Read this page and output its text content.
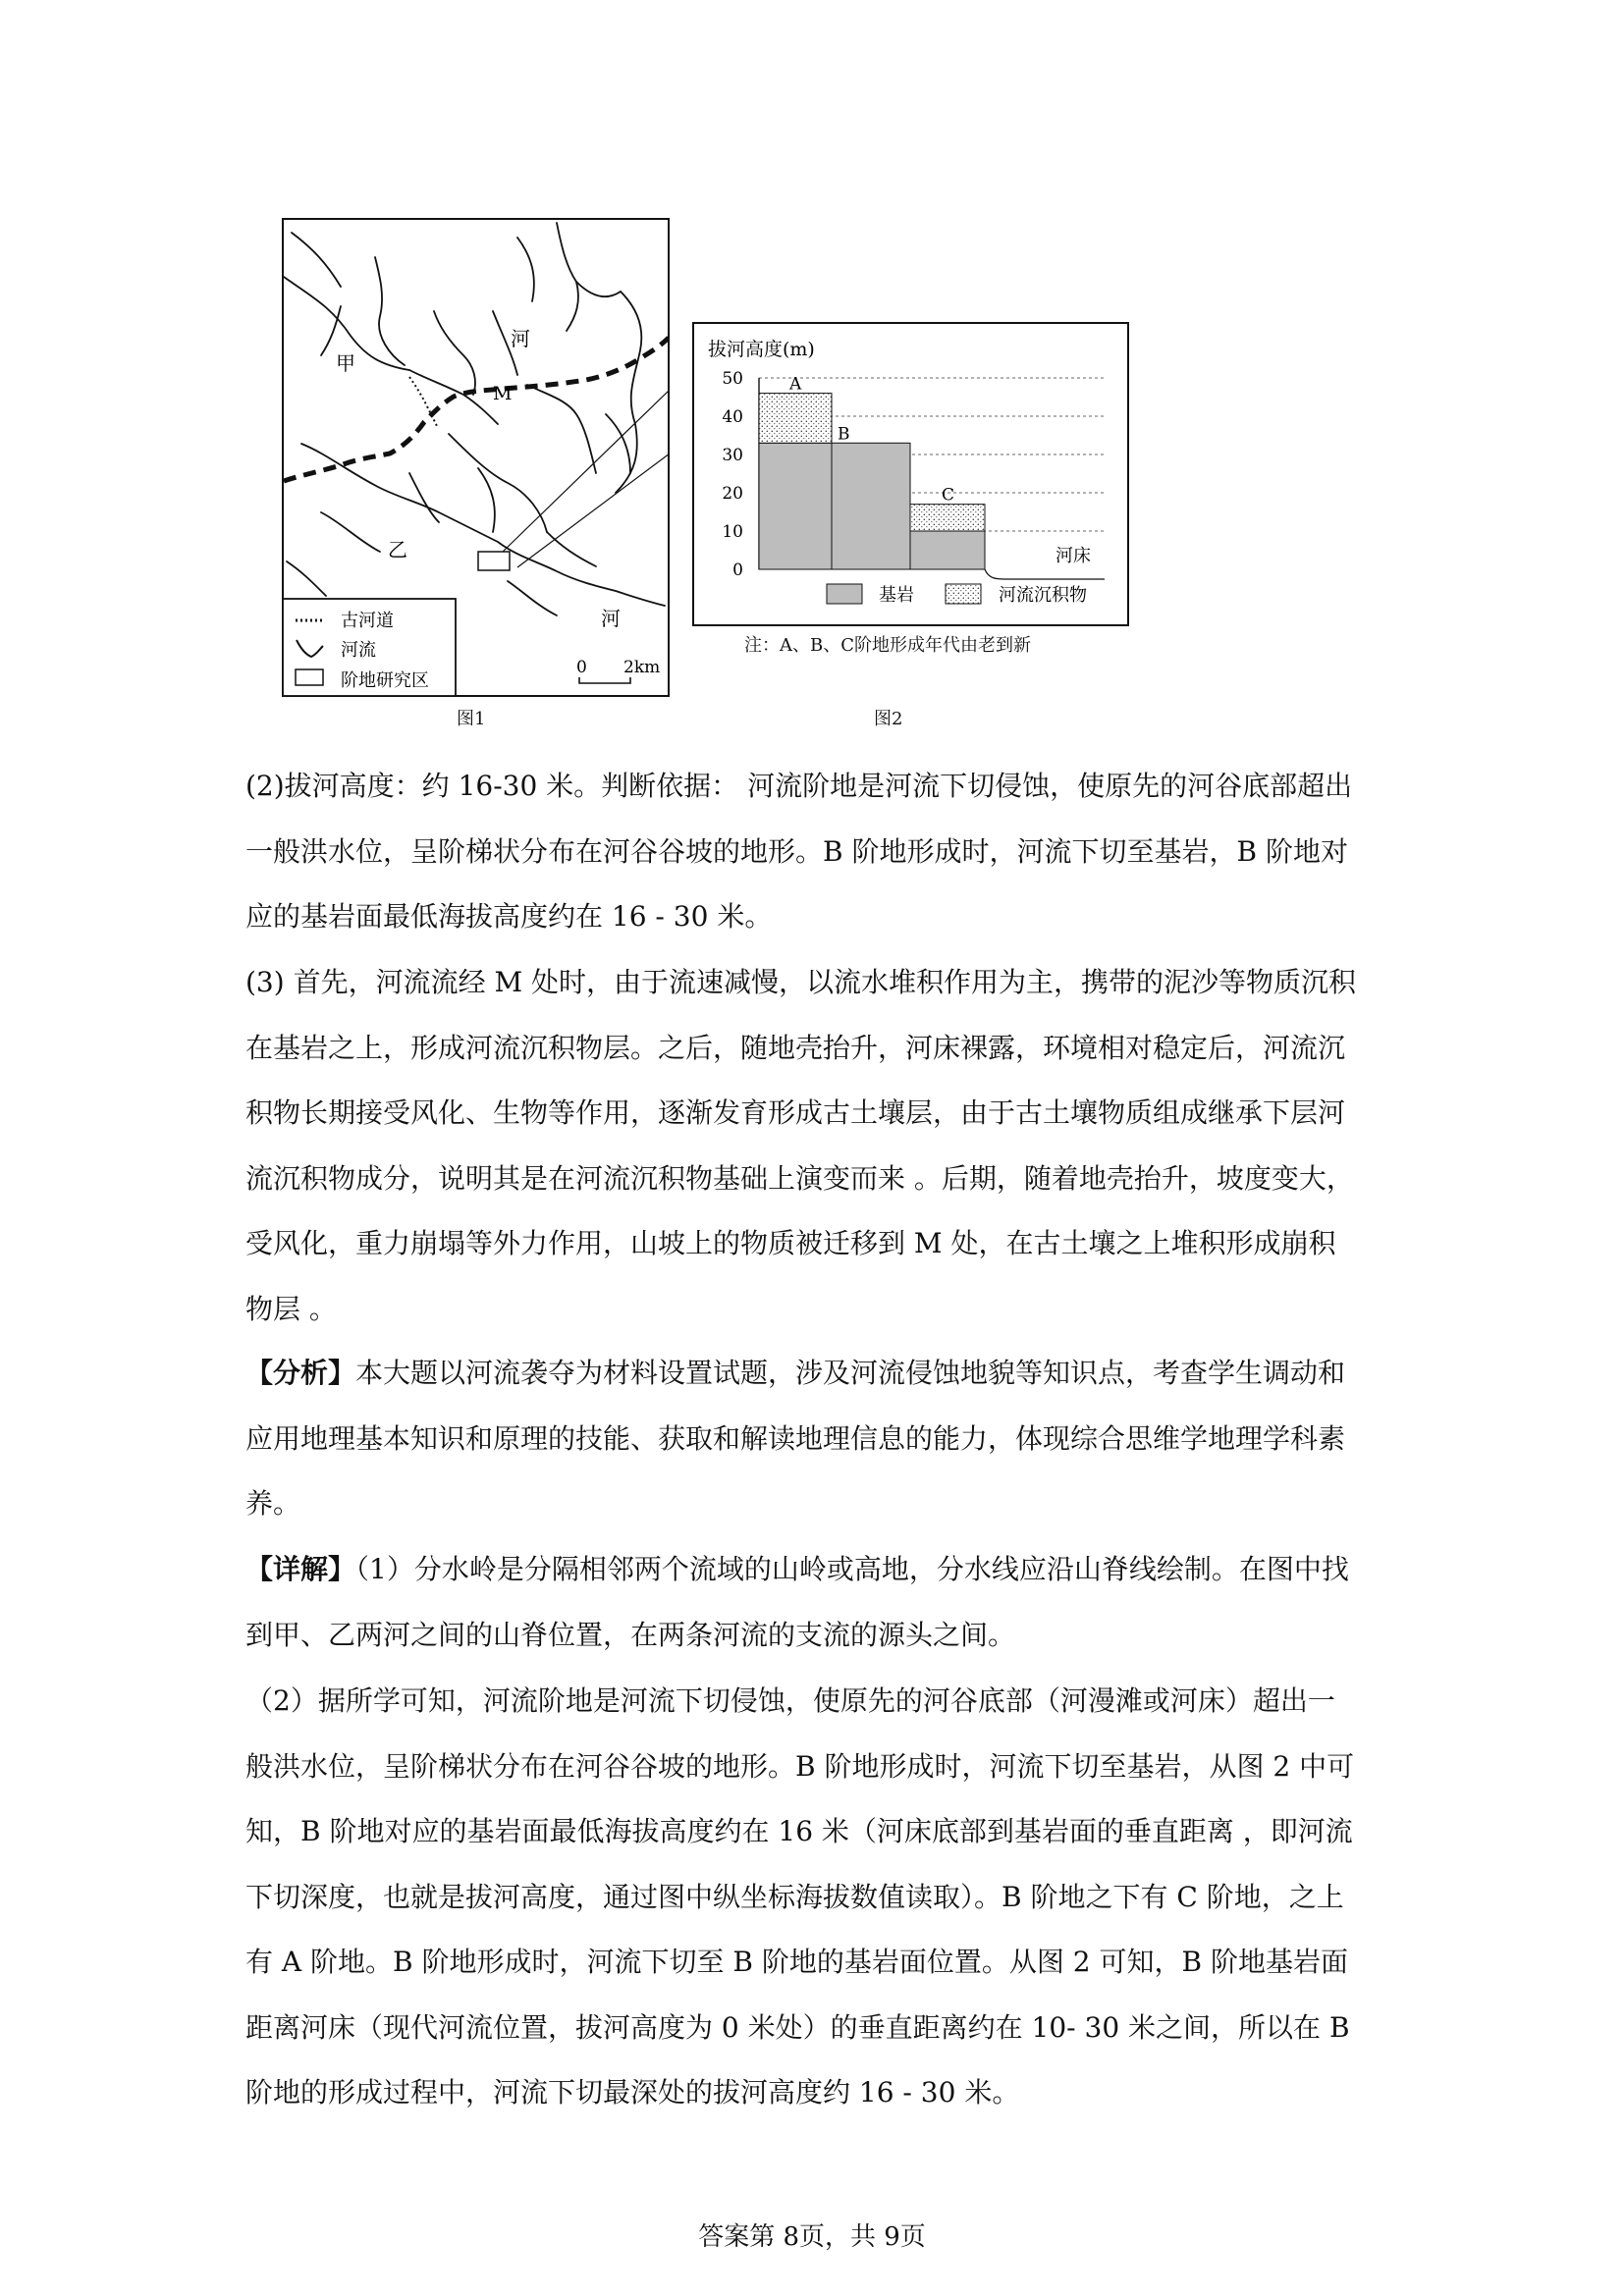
甲
河
M
乙
河
古河道
河流
阶地研究区
0 2km
图1
拔河高度(m)
0
10
20
30
40
50	A
B
C
河床
基岩	河流沉积物
注：A、B、C阶地形成年代由老到新
图2
(2)拔河高度：约 16-30 米。判断依据： 河流阶地是河流下切侵蚀，使原先的河谷底部超出
一般洪水位，呈阶梯状分布在河谷谷坡的地形。B 阶地形成时，河流下切至基岩，B 阶地对
应的基岩面最低海拔高度约在 16 - 30 米。
(3) 首先，河流流经 M 处时，由于流速减慢，以流水堆积作用为主，携带的泥沙等物质沉积
在基岩之上，形成河流沉积物层。之后，随地壳抬升，河床裸露，环境相对稳定后，河流沉
积物长期接受风化、生物等作用，逐渐发育形成古土壤层，由于古土壤物质组成继承下层河
流沉积物成分，说明其是在河流沉积物基础上演变而来 。后期，随着地壳抬升，坡度变大，
受风化，重力崩塌等外力作用，山坡上的物质被迁移到 M 处，在古土壤之上堆积形成崩积
物层 。
【分析】本大题以河流袭夺为材料设置试题，涉及河流侵蚀地貌等知识点，考查学生调动和
应用地理基本知识和原理的技能、获取和解读地理信息的能力，体现综合思维学地理学科素
养。
【详解】（1）分水岭是分隔相邻两个流域的山岭或高地，分水线应沿山脊线绘制。在图中找
到甲、乙两河之间的山脊位置，在两条河流的支流的源头之间。
（2）据所学可知，河流阶地是河流下切侵蚀，使原先的河谷底部（河漫滩或河床）超出一
般洪水位，呈阶梯状分布在河谷谷坡的地形。B 阶地形成时，河流下切至基岩，从图 2 中可
知，B 阶地对应的基岩面最低海拔高度约在 16 米（河床底部到基岩面的垂直距离 ，即河流
下切深度，也就是拔河高度，通过图中纵坐标海拔数值读取）。B 阶地之下有 C 阶地，之上
有 A 阶地。B 阶地形成时，河流下切至 B 阶地的基岩面位置。从图 2 可知，B 阶地基岩面
距离河床（现代河流位置，拔河高度为 0 米处）的垂直距离约在 10- 30 米之间，所以在 B
阶地的形成过程中，河流下切最深处的拔河高度约 16 - 30 米。
答案第 8页，共 9页
